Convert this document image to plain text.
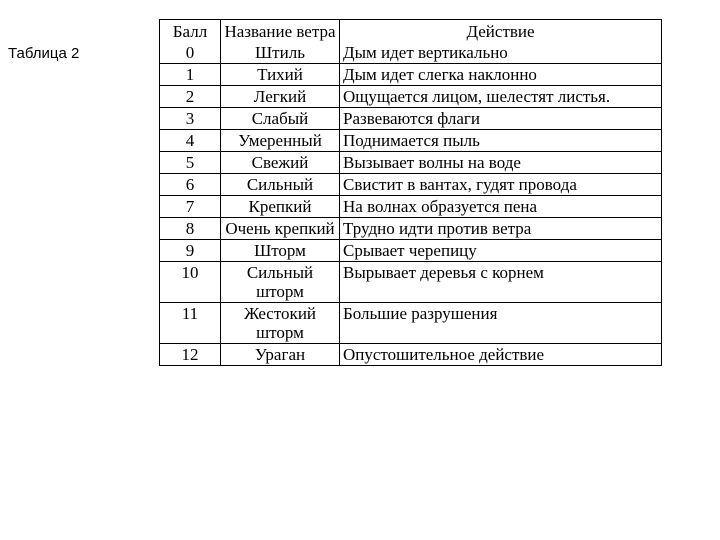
Таблица 2
Балл	Название ветра	Действие
0	Штиль	Дым идет вертикально
1	Тихий	Дым идет слегка наклонно
2	Легкий	Ощущается лицом, шелестят листья.
3	Слабый	Развеваются флаги
4	Умеренный	Поднимается пыль
5	Свежий	Вызывает волны на воде
6	Сильный	Свистит в вантах, гудят провода
7	Крепкий	На волнах образуется пена
8	Очень крепкий	Трудно идти против ветра
9	Шторм	Срывает черепицу
10	Сильный шторм	Вырывает деревья с корнем
11	Жестокий шторм	Большие разрушения
12	Ураган	Опустошительное действие
